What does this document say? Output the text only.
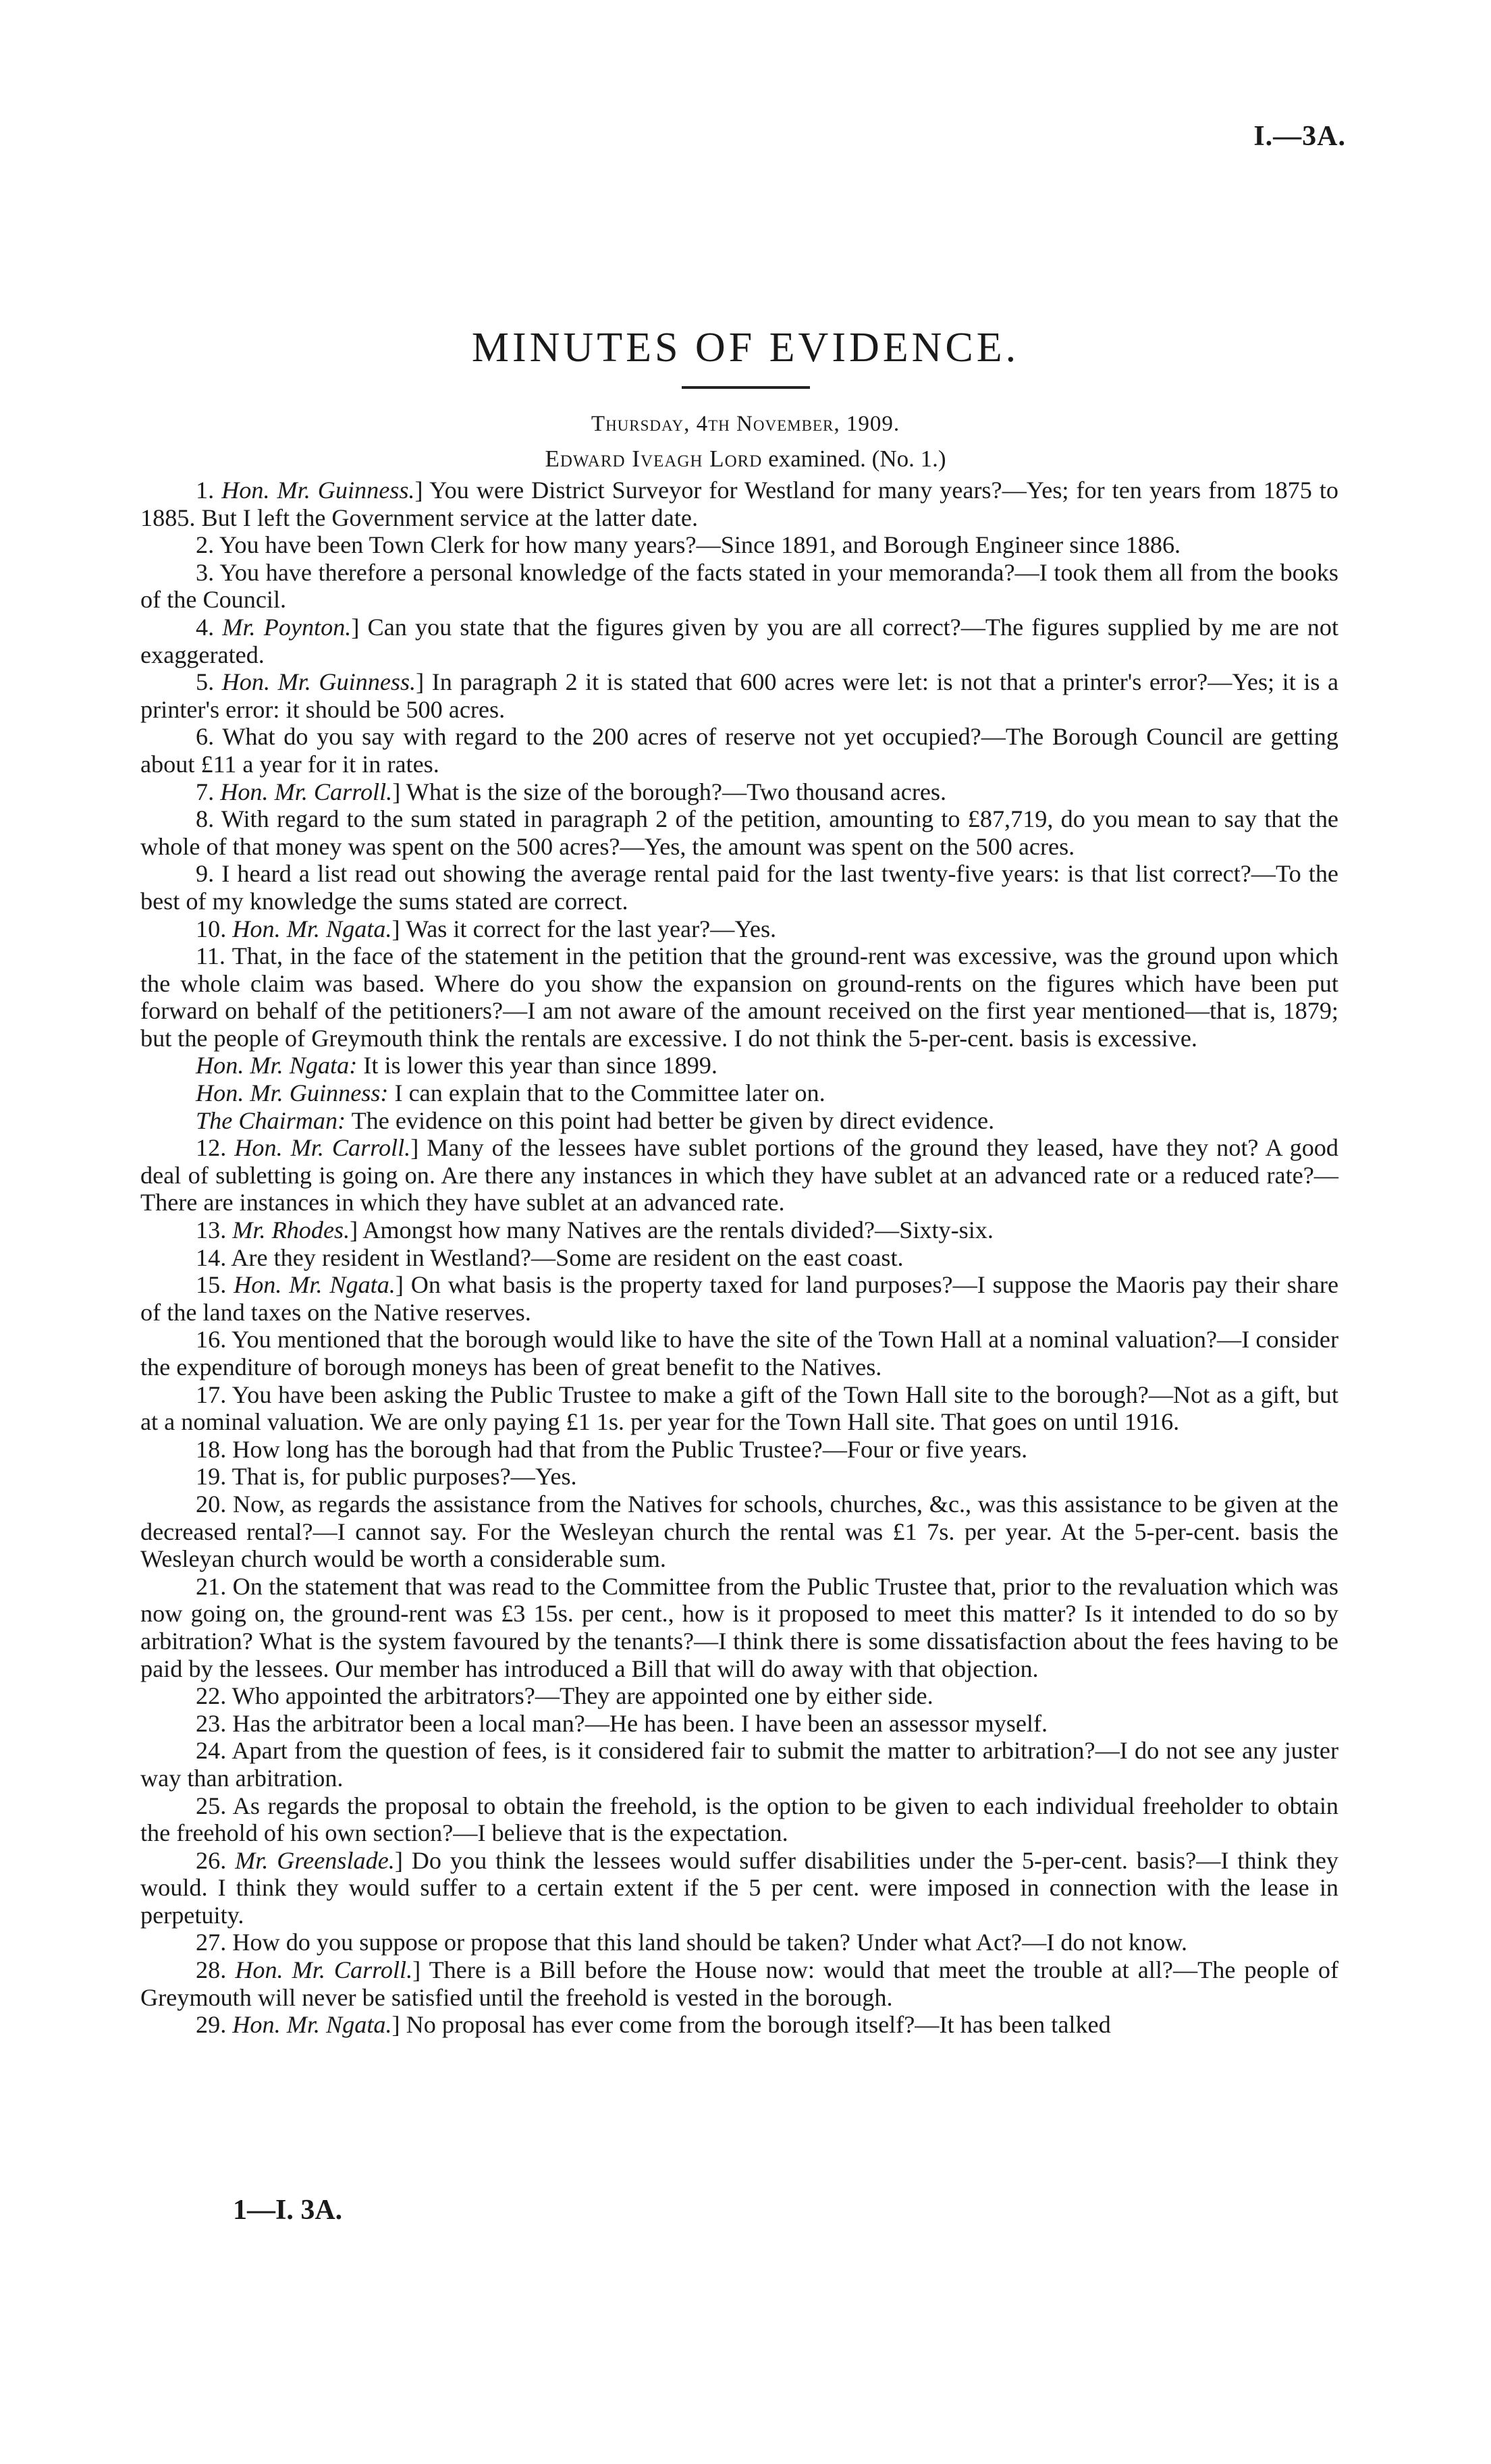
I.—3A.
MINUTES OF EVIDENCE.
Thursday, 4th November, 1909.
Edward Iveagh Lord examined. (No. 1.)

1. Hon. Mr. Guinness.] You were District Surveyor for Westland for many years?—Yes; for ten years from 1875 to 1885. But I left the Government service at the latter date.

2. You have been Town Clerk for how many years?—Since 1891, and Borough Engineer since 1886.

3. You have therefore a personal knowledge of the facts stated in your memoranda?—I took them all from the books of the Council.

4. Mr. Poynton.] Can you state that the figures given by you are all correct?—The figures supplied by me are not exaggerated.

5. Hon. Mr. Guinness.] In paragraph 2 it is stated that 600 acres were let: is not that a printer's error?—Yes; it is a printer's error: it should be 500 acres.

6. What do you say with regard to the 200 acres of reserve not yet occupied?—The Borough Council are getting about £11 a year for it in rates.

7. Hon. Mr. Carroll.] What is the size of the borough?—Two thousand acres.

8. With regard to the sum stated in paragraph 2 of the petition, amounting to £87,719, do you mean to say that the whole of that money was spent on the 500 acres?—Yes, the amount was spent on the 500 acres.

9. I heard a list read out showing the average rental paid for the last twenty-five years: is that list correct?—To the best of my knowledge the sums stated are correct.

10. Hon. Mr. Ngata.] Was it correct for the last year?—Yes.

11. That, in the face of the statement in the petition that the ground-rent was excessive, was the ground upon which the whole claim was based. Where do you show the expansion on ground-rents on the figures which have been put forward on behalf of the petitioners?—I am not aware of the amount received on the first year mentioned—that is, 1879; but the people of Greymouth think the rentals are excessive. I do not think the 5-per-cent. basis is excessive.

Hon. Mr. Ngata: It is lower this year than since 1899.

Hon. Mr. Guinness: I can explain that to the Committee later on.

The Chairman: The evidence on this point had better be given by direct evidence.

12. Hon. Mr. Carroll.] Many of the lessees have sublet portions of the ground they leased, have they not? A good deal of subletting is going on. Are there any instances in which they have sublet at an advanced rate or a reduced rate?—There are instances in which they have sublet at an advanced rate.

13. Mr. Rhodes.] Amongst how many Natives are the rentals divided?—Sixty-six.

14. Are they resident in Westland?—Some are resident on the east coast.

15. Hon. Mr. Ngata.] On what basis is the property taxed for land purposes?—I suppose the Maoris pay their share of the land taxes on the Native reserves.

16. You mentioned that the borough would like to have the site of the Town Hall at a nominal valuation?—I consider the expenditure of borough moneys has been of great benefit to the Natives.

17. You have been asking the Public Trustee to make a gift of the Town Hall site to the borough?—Not as a gift, but at a nominal valuation. We are only paying £1 1s. per year for the Town Hall site. That goes on until 1916.

18. How long has the borough had that from the Public Trustee?—Four or five years.

19. That is, for public purposes?—Yes.

20. Now, as regards the assistance from the Natives for schools, churches, &c., was this assistance to be given at the decreased rental?—I cannot say. For the Wesleyan church the rental was £1 7s. per year. At the 5-per-cent. basis the Wesleyan church would be worth a considerable sum.

21. On the statement that was read to the Committee from the Public Trustee that, prior to the revaluation which was now going on, the ground-rent was £3 15s. per cent., how is it proposed to meet this matter? Is it intended to do so by arbitration? What is the system favoured by the tenants?—I think there is some dissatisfaction about the fees having to be paid by the lessees. Our member has introduced a Bill that will do away with that objection.

22. Who appointed the arbitrators?—They are appointed one by either side.

23. Has the arbitrator been a local man?—He has been. I have been an assessor myself.

24. Apart from the question of fees, is it considered fair to submit the matter to arbitration?—I do not see any juster way than arbitration.

25. As regards the proposal to obtain the freehold, is the option to be given to each individual freeholder to obtain the freehold of his own section?—I believe that is the expectation.

26. Mr. Greenslade.] Do you think the lessees would suffer disabilities under the 5-per-cent. basis?—I think they would. I think they would suffer to a certain extent if the 5 per cent. were imposed in connection with the lease in perpetuity.

27. How do you suppose or propose that this land should be taken? Under what Act?—I do not know.

28. Hon. Mr. Carroll.] There is a Bill before the House now: would that meet the trouble at all?—The people of Greymouth will never be satisfied until the freehold is vested in the borough.

29. Hon. Mr. Ngata.] No proposal has ever come from the borough itself?—It has been talked

1—I. 3A.
